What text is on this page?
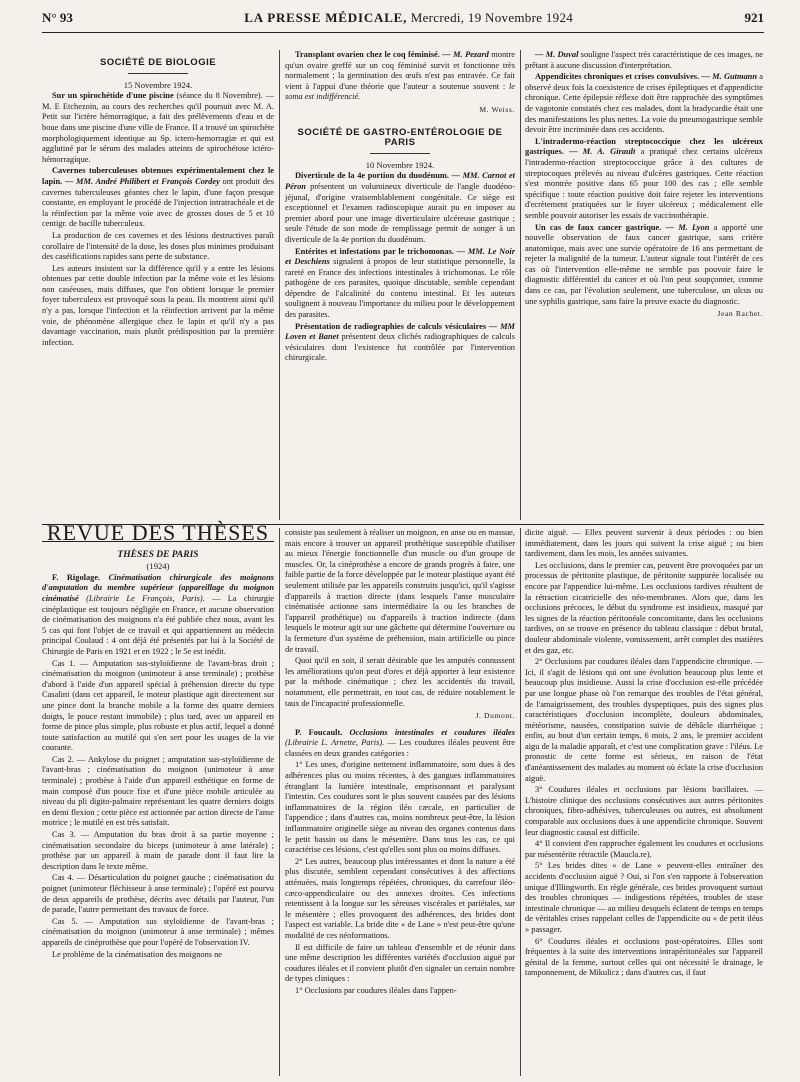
N° 93	LA PRESSE MÉDICALE, Mercredi, 19 Novembre 1924	921

SOCIÉTÉ DE BIOLOGIE

15 Novembre 1924.

Sur un spirochétide d'une piscine (séance du 8 Novembre). — M. E Etchezoin, au cours des recherches qu'il poursuit avec M. A. Petit sur l'ictère hémorragique, a fait des prélèvements d'eau et de boue dans une piscine d'une ville de France. Il a trouvé un spirochète morphologiquement identique au Sp. ictero-hemorragiæ et qui est agglutiné par le sérum des malades atteints de spirochétose ictéro-hémorragique.

Cavernes tuberculeuses obtenues expérimentalement chez le lapin. — MM. André Philibert et François Cordey ont produit des cavernes tuberculeuses géantes chez le lapin, d'une façon presque constante, en employant le procédé de l'injection intratrachéale et de la réinfection par la même voie avec de grosses doses de 5 et 10 centigr. de bacille tuberculeux.

La production de ces cavernes et des lésions destructives paraît corollaire de l'intensité de la dose, les doses plus minimes produisant des caséifications rapides sans perte de substance.

Les auteurs insistent sur la différence qu'il y a entre les lésions obtenues par cette double infection par la même voie et les lésions non caséeuses, mais diffuses, que l'on obtient lorsque le premier foyer tuberculeux est provoqué sous la peau. Ils montrent ainsi qu'il n'y a pas, lorsque l'infection et la réinfection arrivent par la même voie, de phénomène allergique chez le lapin et qu'il n'y a pas davantage vaccination, mais plutôt prédisposition par la première infection.

Transplant ovarien chez le coq féminisé. — M. Pezard montre qu'un ovaire greffé sur un coq féminisé survit et fonctionne très normalement ; la germination des œufs n'est pas entravée. Ce fait vient à l'appui d'une théorie que l'auteur a soutenue souvent : le soma est indifférencié.

M. Weiss.

SOCIÉTÉ DE GASTRO-ENTÉROLOGIE DE PARIS

10 Novembre 1924.

Diverticule de la 4e portion du duodénum. — MM. Carnot et Péron présentent un volumineux diverticule de l'angle duodéno-jéjunal, d'origine vraisemblablement congénitale. Ce siège est exceptionnel et l'examen radioscopique aurait pu en imposer au premier abord pour une image diverticulaire ulcéreuse gastrique ; seule l'étude de son mode de remplissage permit de songer à un diverticule de la 4e portion du duodénum.

Entérites et infestations par le trichomonas. — MM. Le Noir et Deschiens signalent à propos de leur statistique personnelle, la rareté en France des infections intestinales à trichomonas. Le rôle pathogène de ces parasites, quoique discutable, semble cependant dépendre de l'alcalinité du contenu intestinal. Et les auteurs soulignent à nouveau l'importance du milieu pour le développement des parasites.

Présentation de radiographies de calculs vésiculaires — MM Loven et Banet présentent deux clichés radiographiques de calculs vésiculaires dont l'existence fut contrôlée par l'intervention chirurgicale.

— M. Duval souligne l'aspect très caractéristique de ces images, ne prêtant à aucune discussion d'interprétation.

Appendicites chroniques et crises convulsives. — M. Gutmann a observé deux fois la coexistence de crises épileptiques et d'appendicite chronique. Cette épilepsie réflexe doit être rapprochée des symptômes de vagotonie constatés chez ces malades, dont la bradycardie était une des manifestations les plus nettes. La voie du pneumogastrique semble devoir être incriminée dans ces accidents.

L'intradermo-réaction streptococcique chez les ulcéreux gastriques. — M. A. Girault a pratiqué chez certains ulcéreux l'intradermo-réaction streptococcique grâce à des cultures de streptocoques prélevés au niveau d'ulcères gastriques. Cette réaction s'est montrée positive dans 65 pour 100 des cas ; elle semble spécifique : toute réaction positive doit faire rejeter les interventions d'ecrètement pratiquées sur le foyer ulcéreux ; médicalement elle semble pouvoir autoriser les essais de vaccinothérapie.

Un cas de faux cancer gastrique. — M. Lyon a apporté une nouvelle observation de faux cancer gastrique, sans critère anatomique, mais avec une survie opératoire de 16 ans permettant de rejeter la malignité de la tumeur. L'auteur signale tout l'intérêt de ces cas où l'intervention elle-même ne semble pas pouvoir faire le diagnostic différentiel du cancer et où l'on peut soupçonner, comme dans ce cas, par l'évolution seulement, une tuberculose, un ulcus ou une syphilis gastrique, sans faire la preuve exacte du diagnostic.

Jean Rachet.

REVUE DES THÈSES

THÈSES DE PARIS

(1924)

F. Rigolage. Cinématisation chirurgicale des moignons d'amputation du membre supérieur (appareillage du moignon cinématisé (Librairie Le François, Paris). — La chirurgie cinéplastique est toujours négligée en France, et aucune observation de cinématisation des moignons n'a été publiée chez nous, avant les 5 cas qui font l'objet de ce travail et qui appartiennent au médecin principal Coulaud : 4 ont déjà été présentés par lui à la Société de Chirurgie de Paris en 1921 et en 1922 ; le 5e est inédit.

Cas 1. — Amputation sus-styloïdienne de l'avant-bras droit ; cinématisation du moignon (unimoteur à anse terminale) ; prothèse d'abord à l'aide d'un appareil spécial à préhension directe du type Casalini (dans cet appareil, le moteur plastique agit directement sur une pince dont la branche mobile a la forme des quatre derniers doigts, le pouce restant immobile) ; plus tard, avec un appareil en forme de pince plus simple, plus robuste et plus actif, lequel a donné toute satisfaction au mutilé qui s'en sert pour les usages de la vie courante.

Cas 2. — Ankylose du poignet ; amputation sus-styloïdienne de l'avant-bras ; cinématisation du moignon (unimoteur à anse terminale) ; prothèse à l'aide d'un appareil esthétique en forme de main composé d'un pouce fixe et d'une pièce mobile articulée au niveau du pli digito-palmaire représentant les quatre derniers doigts en demi flexion ; cette pièce est actionnée par action directe de l'anse motrice ; le mutilé en est très satisfait.

Cas 3. — Amputation du bras droit à sa partie moyenne ; cinématisation secondaire du biceps (unimoteur à anse latérale) ; prothèse par un appareil à main de parade dont il faut lire la description dans le texte même.

Cas 4. — Désarticulation du poignet gauche ; cinématisation du poignet (unimoteur fléchisseur à anse terminale) ; l'opéré est pourvu de deux appareils de prothèse, décrits avec détails par l'auteur, l'un de parade, l'autre permettant des travaux de force.

Cas 5. — Amputation sus styloïdienne de l'avant-bras ; cinématisation du moignon (unimoteur à anse terminale) ; mêmes appareils de cinéprothèse que pour l'opéré de l'observation IV.

Le problème de la cinématisation des moignons ne

consiste pas seulement à réaliser un moignon, en anse ou en massue, mais encore à trouver un appareil prothétique susceptible d'utiliser au mieux l'énergie fonctionnelle d'un muscle ou d'un groupe de muscles. Or, la cinéprothèse a encore de grands progrès à faire, une faible partie de la force développée par le moteur plastique ayant été seulement utilisée par les appareils construits jusqu'ici, qu'il s'agisse d'appareils à traction directe (dans lesquels l'anse musculaire cinématisée actionne sans intermédiaire la ou les branches de l'appareil prothétique) ou d'appareils à traction indirecte (dans lesquels le moteur agit sur une gâchette qui détermine l'ouverture ou la fermeture d'un système de préhension, main artificielle ou pince de travail.

Quoi qu'il en soit, il serait désirable que les amputés connussent les améliorations qu'on peut d'ores et déjà apporter à leur existence par la méthode cinématique ; chez les accidentés du travail, notamment, elle permettrait, en tout cas, de réduire notablement le taux de l'incapacité professionnelle.

J. Dumont.

P. Foucault. Occlusions intestinales et coudures iléales (Librairie L. Arnette, Paris). — Les coudures iléales peuvent être classées en deux grandes catégories :

1° Les unes, d'origine nettement inflammatoire, sont dues à des adhérences plus ou moins récentes, à des gangues inflammatoires étranglant la lumière intestinale, emprisonnant et paralysant l'intestin. Ces coudures sont le plus souvent causées par des lésions inflammatoires de la région iléo cæcale, en particulier de l'appendice ; dans d'autres cas, moins nombreux peut-être, la lésion inflammatoire originelle siège au niveau des organes contenus dans le petit bassin ou dans le mésentère. Dans tous les cas, ce qui caractérise ces lésions, c'est qu'elles sont plus ou moins diffuses.

2° Les autres, beaucoup plus intéressantes et dont la nature a été plus discutée, semblent cependant consécutives à des affections atténuées, mais longtemps répétées, chroniques, du carrefour iléo-cæco-appendiculaire ou des annexes droites. Ces infections retentissent à la longue sur les séreuses viscérales et pariétales, sur le mésentère ; elles provoquent des adhérences, des brides dont l'aspect est variable. La bride dite « de Lane » n'est peut-être qu'une modalité de ces néoformations.

Il est difficile de faire un tableau d'ensemble et de réunir dans une même description les différentes variétés d'occlusion aiguë par coudures iléales et il convient plutôt d'en signaler un certain nombre de types cliniques :

1° Occlusions par coudures iléales dans l'appen-

dicite aiguë. — Elles peuvent survenir à deux périodes : ou bien immédiatement, dans les jours qui suivent la crise aiguë ; ou bien tardivement, dans les mois, les années suivantes.

Les occlusions, dans le premier cas, peuvent être provoquées par un processus de péritonite plastique, de péritonite suppurée localisée ou encore par l'appendice lui-même. Les occlusions tardives résultent de la rétraction cicatricielle des néo-membranes. Alors que, dans les occlusions précoces, le début du syndrome est insidieux, masqué par les signes de la réaction péritonéale concomitante, dans les occlusions tardives, on se trouve en présence du tableau classique : début brutal, douleur abdominale violente, vomissement, arrêt complet des matières et des gaz, etc.

2° Occlusions par coudures iléales dans l'appendicite chronique. — Ici, il s'agit de lésions qui ont une évolution beaucoup plus lente et beaucoup plus insidieuse. Aussi la crise d'occlusion est-elle précédée par une longue phase où l'on remarque des troubles de l'état général, de l'amaigrissement, des troubles dyspeptiques, puis des signes plus caractéristiques d'occlusion incomplète, douleurs abdominales, météorisme, nausées, constipation suivie de débâcle diarrhéique ; enfin, au bout d'un certain temps, 6 mois, 2 ans, le premier accident aigu de la maladie apparaît, et c'est une complication grave : l'iléus. Le pronostic de cette forme est sérieux, en raison de l'état d'anéantissement des malades au moment où éclate la crise d'occlusion aiguë.

3° Coudures iléales et occlusions par lésions bacillaires. — L'histoire clinique des occlusions consécutives aux autres péritonites chroniques, fibro-adhésives, tuberculeuses ou autres, est absolument comparable aux occlusions dues à une appendicite chronique. Souvent leur diagnostic causal est difficile.

4° Il convient d'en rapprocher également les coudures et occlusions par mésentérite rétractile (Maucla.re).

5° Les brides dites « de Lane » peuvent-elles entraîner des accidents d'occlusion aiguë ? Oui, si l'on s'en rapporte à l'observation unique d'Illingworth. En règle générale, ces brides provoquent surtout des troubles chroniques — indigestions répétées, troubles de stase intestinale chronique — au milieu desquels éclatent de temps en temps de véritables crises rappelant celles de l'appendicite ou « de petit iléus » passager.

6° Coudures iléales et occlusions post-opératoires. Elles sont fréquentes à la suite des interventions intrapéritonéales sur l'appareil génital de la femme, surtout celles qui ont nécessité le drainage, le tamponnement, de Mikulicz ; dans d'autres cas, il faut
